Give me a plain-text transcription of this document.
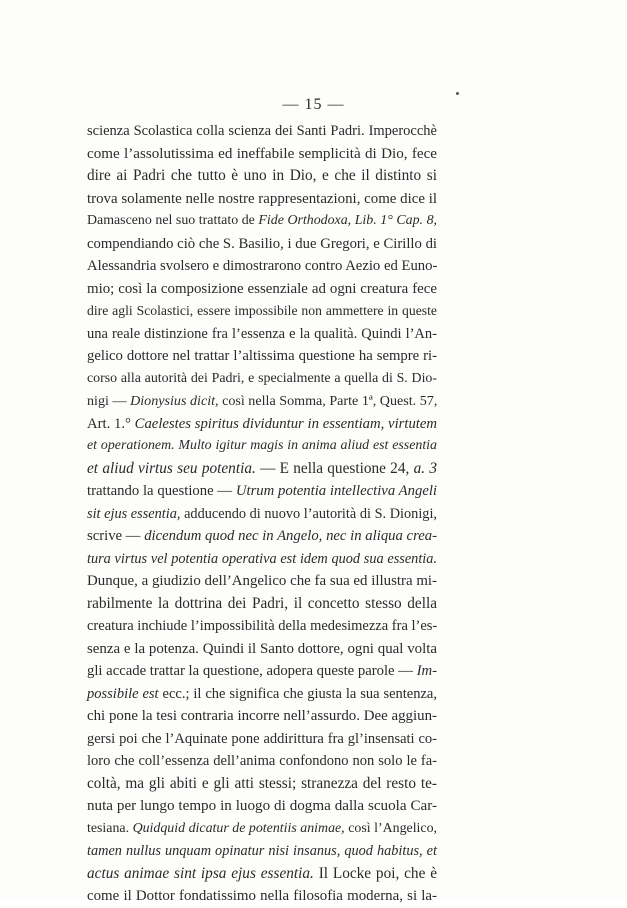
— 15 —
scienza Scolastica colla scienza dei Santi Padri. Imperocchè
come l’assolutissima ed ineffabile semplicità di Dio, fece
dire ai Padri che tutto è uno in Dio, e che il distinto si
trova solamente nelle nostre rappresentazioni, come dice il
Damasceno nel suo trattato de Fide Orthodoxa, Lib. 1° Cap. 8,
compendiando ciò che S. Basilio, i due Gregori, e Cirillo di
Alessandria svolsero e dimostrarono contro Aezio ed Euno-
mio; così la composizione essenziale ad ogni creatura fece
dire agli Scolastici, essere impossibile non ammettere in queste
una reale distinzione fra l’essenza e la qualità. Quindi l’An-
gelico dottore nel trattar l’altissima questione ha sempre ri-
corso alla autorità dei Padri, e specialmente a quella di S. Dio-
nigi — Dionysius dicit, così nella Somma, Parte 1ª, Quest. 57,
Art. 1.° Caelestes spiritus dividuntur in essentiam, virtutem
et operationem. Multo igitur magis in anima aliud est essentia
et aliud virtus seu potentia. — E nella questione 24, a. 3
trattando la questione — Utrum potentia intellectiva Angeli
sit ejus essentia, adducendo di nuovo l’autorità di S. Dionigi,
scrive — dicendum quod nec in Angelo, nec in aliqua crea-
tura virtus vel potentia operativa est idem quod sua essentia.
Dunque, a giudizio dell’Angelico che fa sua ed illustra mi-
rabilmente la dottrina dei Padri, il concetto stesso della
creatura inchiude l’impossibilità della medesimezza fra l’es-
senza e la potenza. Quindi il Santo dottore, ogni qual volta
gli accade trattar la questione, adopera queste parole — Im-
possibile est ecc.; il che significa che giusta la sua sentenza,
chi pone la tesi contraria incorre nell’assurdo. Dee aggiun-
gersi poi che l’Aquinate pone addirittura fra gl’insensati co-
loro che coll’essenza dell’anima confondono non solo le fa-
coltà, ma gli abiti e gli atti stessi; stranezza del resto te-
nuta per lungo tempo in luogo di dogma dalla scuola Car-
tesiana. Quidquid dicatur de potentiis animae, così l’Angelico,
tamen nullus unquam opinatur nisi insanus, quod habitus, et
actus animae sint ipsa ejus essentia. Il Locke poi, che è
come il Dottor fondatissimo nella filosofia moderna, si la-
